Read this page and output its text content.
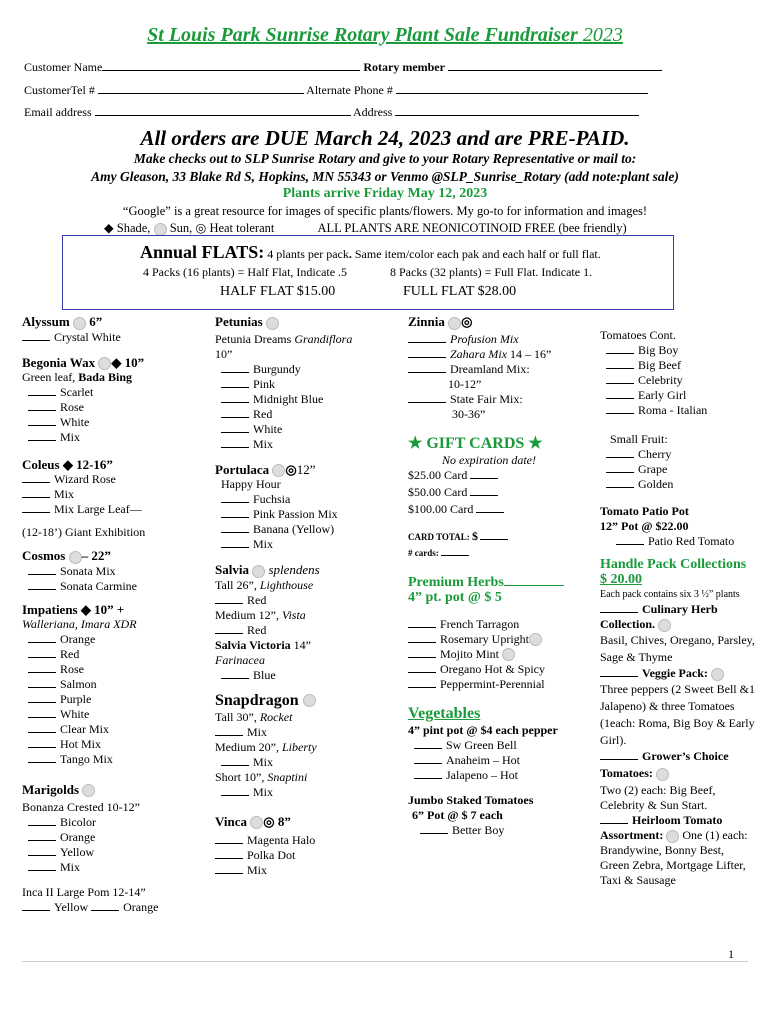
St Louis Park Sunrise Rotary Plant Sale Fundraiser 2023
Customer Name	Rotary member
CustomerTel #	Alternate Phone #
Email address	Address
All orders are DUE March 24, 2023 and are PRE-PAID.
Make checks out to SLP Sunrise Rotary and give to your Rotary Representative or mail to:
Amy Gleason, 33 Blake Rd S, Hopkins, MN 55343 or Venmo @SLP_Sunrise_Rotary (add note:plant sale)
Plants arrive Friday May 12, 2023
“Google” is a great resource for images of specific plants/flowers. My go-to for information and images!
◆ Shade, Sun, ◎ Heat tolerant	ALL PLANTS ARE NEONICOTINOID FREE (bee friendly)
Annual FLATS: 4 plants per pack. Same item/color each pak and each half or full flat.
4 Packs (16 plants) = Half Flat, Indicate .5	8 Packs (32 plants) = Full Flat. Indicate 1.
HALF FLAT $15.00	FULL FLAT $28.00
Alyssum 6”
Crystal White
Begonia Wax ◆ 10”
Green leaf, Bada Bing
Scarlet
Rose
White
Mix
Coleus ◆ 12-16”
Wizard Rose
Mix
Mix Large Leaf—
(12-18’) Giant Exhibition
Cosmos – 22”
Sonata Mix
Sonata Carmine
Impatiens ◆ 10” +
Walleriana, Imara XDR
Orange
Red
Rose
Salmon
Purple
White
Clear Mix
Hot Mix
Tango Mix
Marigolds
Bonanza Crested 10-12”
Bicolor
Orange
Yellow
Mix
Inca II Large Pom 12-14”
Yellow	Orange
Petunias
Petunia Dreams Grandiflora
10”
Burgundy
Pink
Midnight Blue
Red
White
Mix
Portulaca ◎12”
Happy Hour
Fuchsia
Pink Passion Mix
Banana (Yellow)
Mix
Salvia splendens
Tall 26”, Lighthouse
Red
Medium 12”, Vista
Red
Salvia Victoria 14”
Farinacea
Blue
Snapdragon
Tall 30”, Rocket
Mix
Medium 20”, Liberty
Mix
Short 10”, Snaptini
Mix
Vinca ◎ 8”
Magenta Halo
Polka Dot
Mix
Zinnia ◎
Profusion Mix
Zahara Mix 14 – 16”
Dreamland Mix:
10-12”
State Fair Mix:
30-36”
★ GIFT CARDS ★
No expiration date!
$25.00 Card
$50.00 Card
$100.00 Card
CARD TOTAL: $
# cards:
Premium Herbs
4” pt. pot @ $ 5
French Tarragon
Rosemary Upright
Mojito Mint
Oregano Hot & Spicy
Peppermint-Perennial
Vegetables
4” pint pot @ $4 each pepper
Sw Green Bell
Anaheim – Hot
Jalapeno – Hot
Jumbo Staked Tomatoes
6” Pot @ $ 7 each
Better Boy
Tomatoes Cont.
Big Boy
Big Beef
Celebrity
Early Girl
Roma - Italian
Small Fruit:
Cherry
Grape
Golden
Tomato Patio Pot
12” Pot @ $22.00
Patio Red Tomato
Handle Pack Collections
$ 20.00
Each pack contains six 3 ½” plants
Culinary Herb
Collection.
Basil, Chives, Oregano, Parsley,
Sage & Thyme
Veggie Pack:
Three peppers (2 Sweet Bell &1
Jalapeno) & three Tomatoes
(1each: Roma, Big Boy & Early
Girl).
Grower’s Choice
Tomatoes:
Two (2) each: Big Beef,
Celebrity & Sun Start.
Heirloom Tomato
Assortment: One (1) each:
Brandywine, Bonny Best,
Green Zebra, Mortgage Lifter,
Taxi & Sausage
1
